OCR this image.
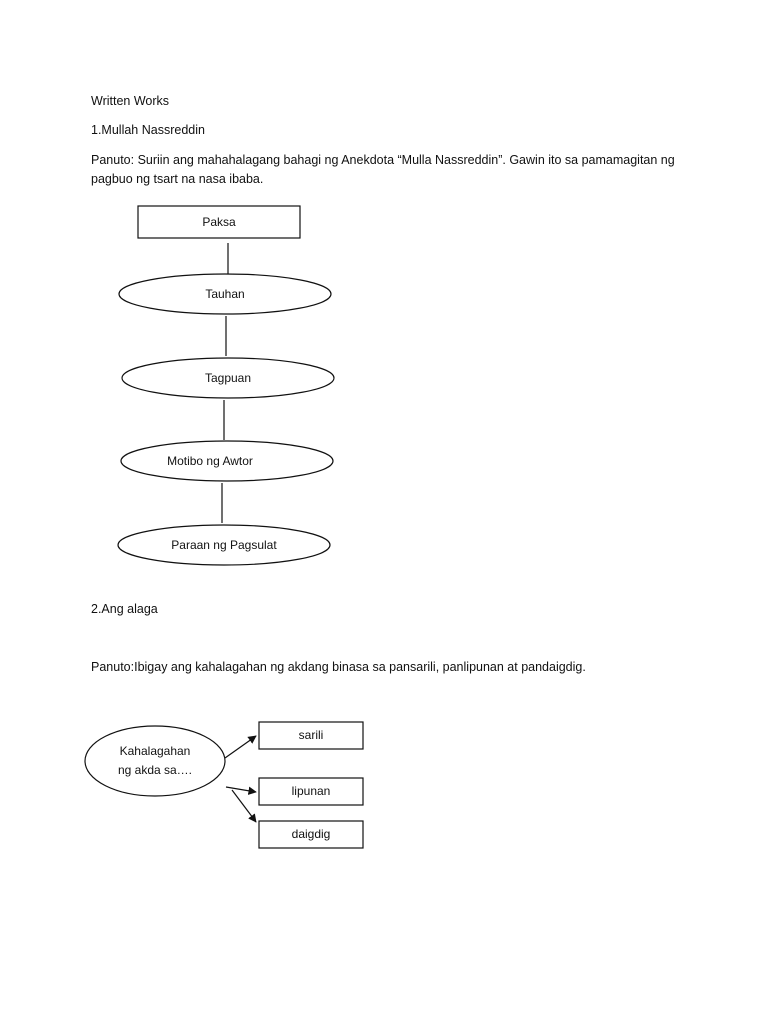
Written Works
1.Mullah Nassreddin
Panuto: Suriin ang mahahalagang bahagi ng Anekdota “Mulla Nassreddin”. Gawin ito sa pamamagitan ng pagbuo ng tsart na nasa ibaba.
2.Ang alaga
Panuto:Ibigay ang kahalagahan ng akdang binasa sa pansarili, panlipunan at pandaigdig.
Paksa
Tauhan
Tagpuan
Motibo ng Awtor
Paraan ng Pagsulat
Kahalagahan
ng akda sa….
sarili
lipunan
daigdig
